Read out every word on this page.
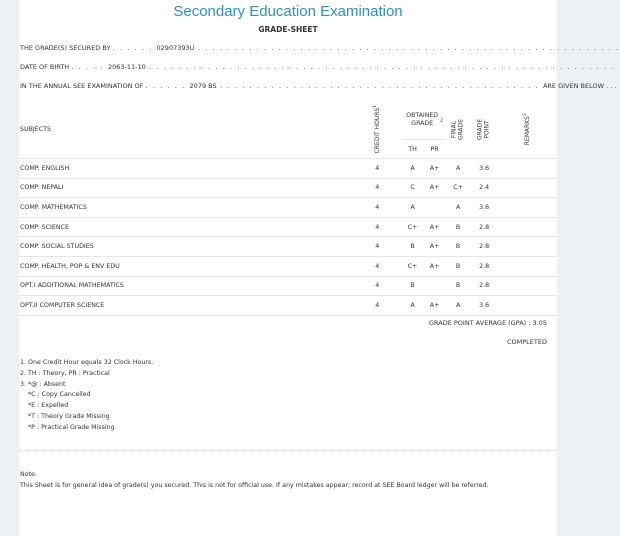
Secondary Education Examination
GRADE-SHEET
THE GRADE(S) SECURED BY . . . . . . 02907393U . . . . . . . . . . . . . . . . . . . . . . . . . . . . . . . . . . . . . . . . . . . . . . . . . . . . . . . . . .
DATE OF BIRTH . . . . . 2063-11-10 . . . . . . . . . . . . . . . . . . . . . . . . . . . . . . . . . . . . . . . . . . . . . . . . . . . . . . . . . . . . . . . .
IN THE ANNUAL SEE EXAMINATION OF . . . . . . 2079 BS . . . . . . . . . . . . . . . . . . . . . . . . . . . . . . . . . . . . . . . . . . . . ARE GIVEN BELOW . . .
SUBJECTS	CREDIT HOURS$^1$	OBTAINED GRADE $^2$		FINAL GRADE	GRADE POINT	REMARKS$^3$
		TH	PR			
COMP. ENGLISH	4	A	A+	A	3.6	
COMP. NEPALI	4	C	A+	C+	2.4	
COMP. MATHEMATICS	4	A		A	3.6	
COMP. SCIENCE	4	C+	A+	B	2.8	
COMP. SOCIAL STUDIES	4	B	A+	B	2.8	
COMP. HEALTH, POP & ENV EDU	4	C+	A+	B	2.8	
OPT.I ADDITIONAL MATHEMATICS	4	B		B	2.8	
OPT.II COMPUTER SCIENCE	4	A	A+	A	3.6	
GRADE POINT AVERAGE (GPA) : 3.05
COMPLETED
1. One Credit Hour equals 32 Clock Hours.
2. TH : Theory, PR : Practical
3. *@ : Absent
*C : Copy Cancelled
*E : Expelled
*T : Theory Grade Missing
*P : Practical Grade Missing
Note:
This Sheet is for general idea of grade(s) you secured. This is not for official use. If any mistakes appear; record at SEE Board ledger will be referred.
